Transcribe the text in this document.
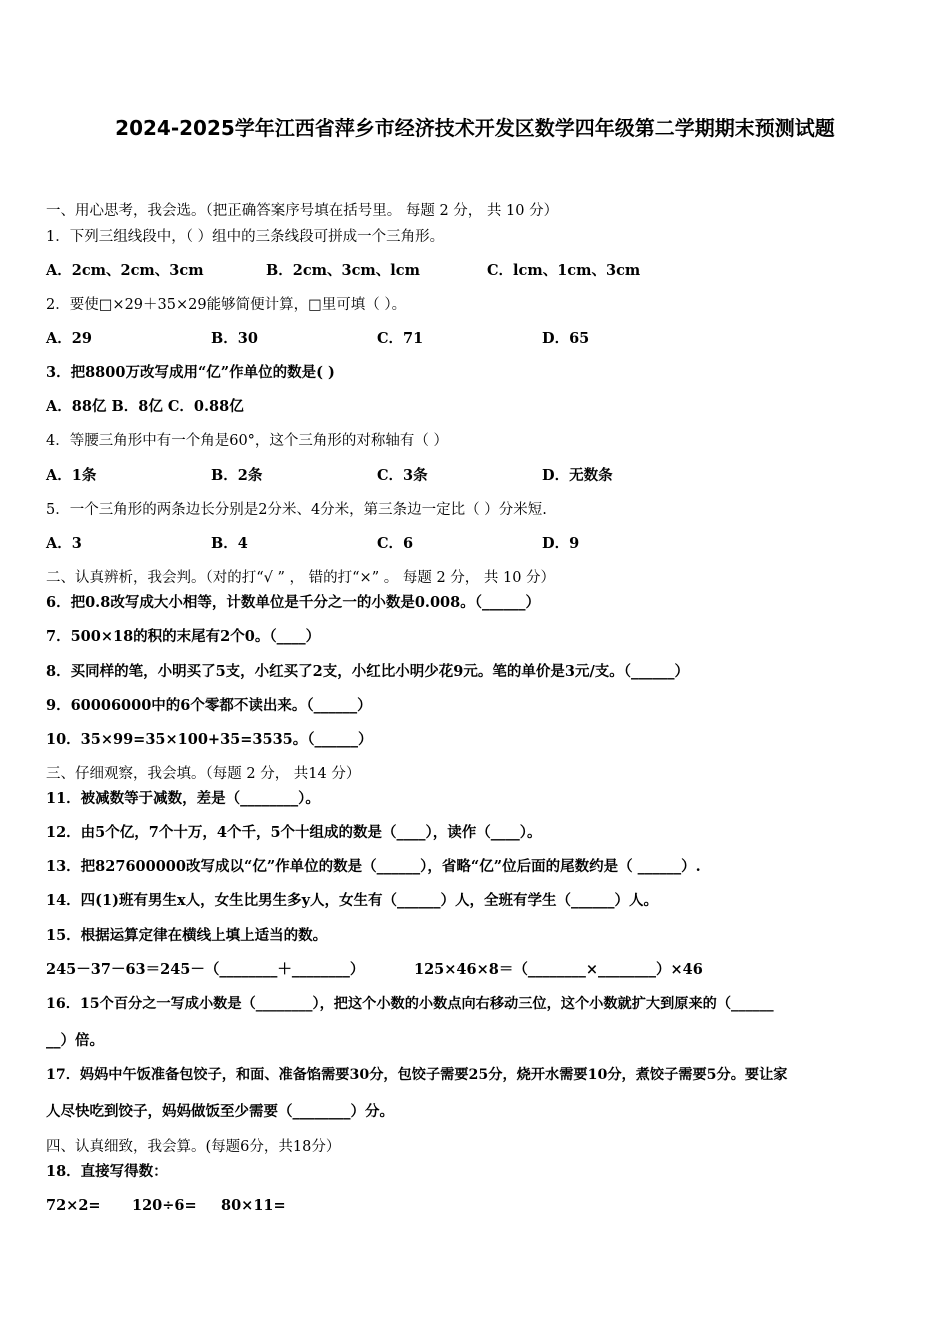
2024-2025学年江西省萍乡市经济技术开发区数学四年级第二学期期末预测试题
一、用心思考，我会选。（把正确答案序号填在括号里。 每题 2 分， 共 10 分）
1．下列三组线段中，（ ）组中的三条线段可拼成一个三角形。
A．2cm、2cm、3cm	B．2cm、3cm、lcm	C．lcm、1cm、3cm
2．要使□×29＋35×29能够简便计算，□里可填（ ）。
A．29	B．30	C．71	D．65
3．把8800万改写成用“亿”作单位的数是( )
A．88亿 B．8亿 C．0.88亿
4．等腰三角形中有一个角是60°，这个三角形的对称轴有（ ）
A．1条	B．2条	C．3条	D．无数条
5．一个三角形的两条边长分别是2分米、4分米，第三条边一定比（ ）分米短.
A．3	B．4	C．6	D．9
二、认真辨析，我会判。（对的打“√ ” ， 错的打“×” 。 每题 2 分， 共 10 分）
6．把0.8改写成大小相等，计数单位是千分之一的小数是0.008。（______）
7．500×18的积的末尾有2个0。（____）
8．买同样的笔，小明买了5支，小红买了2支，小红比小明少花9元。笔的单价是3元/支。（______）
9．60006000中的6个零都不读出来。（______）
10．35×99=35×100+35=3535。（______）
三、仔细观察，我会填。（每题 2 分， 共14 分）
11．被减数等于减数，差是（________）。
12．由5个亿，7个十万，4个千，5个十组成的数是（____），读作（____）。
13．把827600000改写成以“亿”作单位的数是（______），省略“亿”位后面的尾数约是（ ______）.
14．四(1)班有男生x人，女生比男生多y人，女生有（______）人，全班有学生（______）人。
15．根据运算定律在横线上填上适当的数。
245－37－63＝245－（________＋________）	125×46×8＝（________×________）×46
16．15个百分之一写成小数是（________），把这个小数的小数点向右移动三位，这个小数就扩大到原来的（______
__）倍。
17．妈妈中午饭准备包饺子，和面、准备馅需要30分，包饺子需要25分，烧开水需要10分，煮饺子需要5分。要让家
人尽快吃到饺子，妈妈做饭至少需要（________）分。
四、认真细致，我会算。(每题6分，共18分）
18．直接写得数：
72×2= 120÷6= 80×11=
